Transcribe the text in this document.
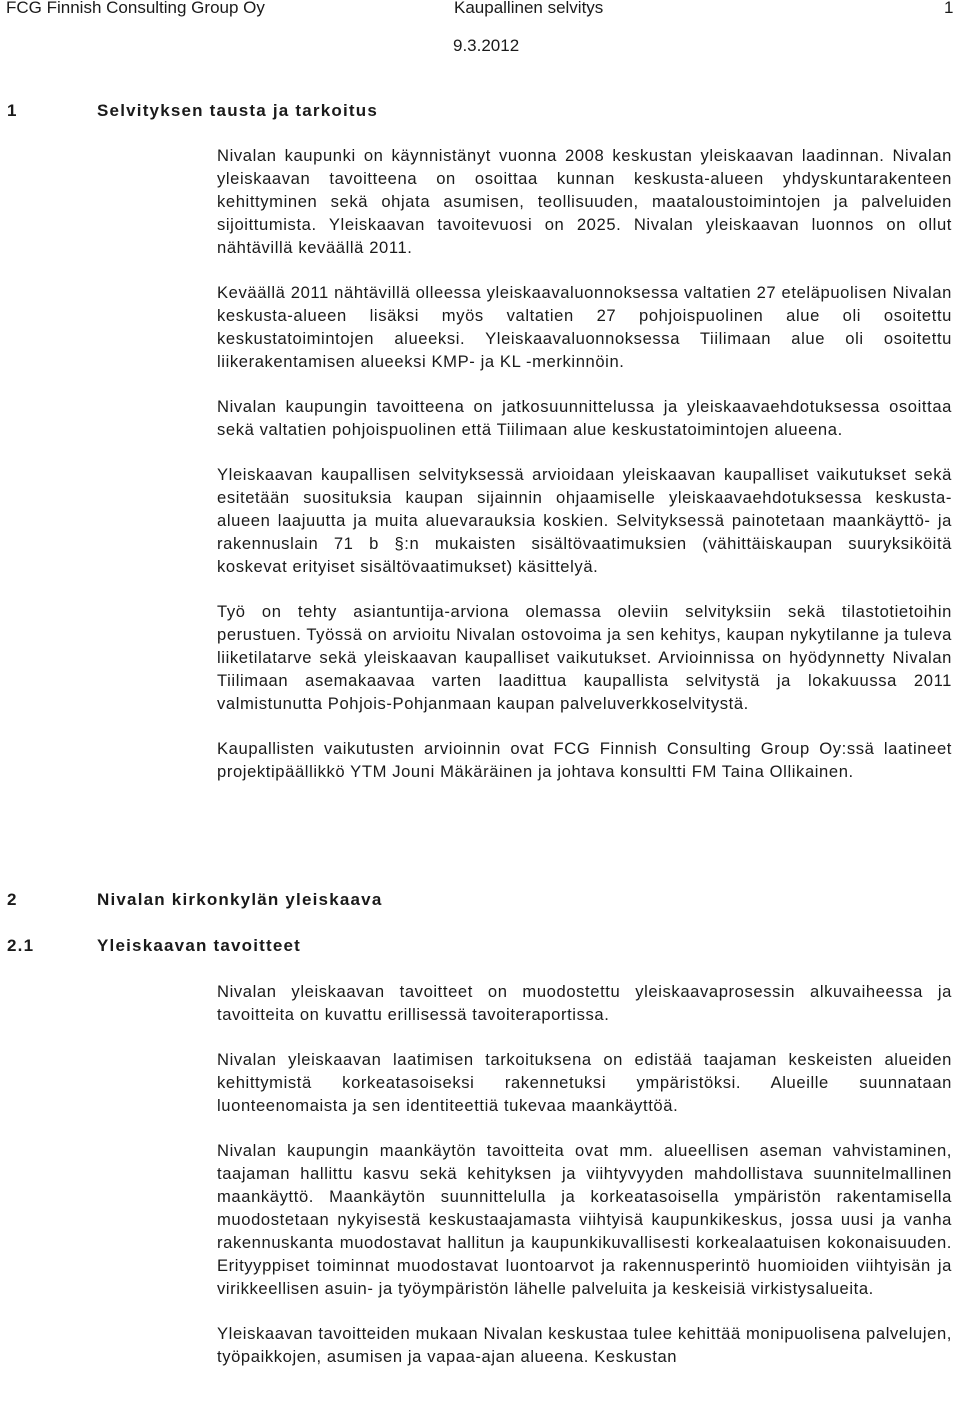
FCG Finnish Consulting Group Oy	Kaupallinen selvitys	1
9.3.2012
1	Selvityksen tausta ja tarkoitus

Nivalan kaupunki on käynnistänyt vuonna 2008 keskustan yleiskaavan laadinnan. Nivalan yleiskaavan tavoitteena on osoittaa kunnan keskusta-alueen yhdyskuntarakenteen kehittyminen sekä ohjata asumisen, teollisuuden, maataloustoimintojen ja palveluiden sijoittumista. Yleiskaavan tavoitevuosi on 2025. Nivalan yleiskaavan luonnos on ollut nähtävillä keväällä 2011.

Keväällä 2011 nähtävillä olleessa yleiskaavaluonnoksessa valtatien 27 eteläpuolisen Nivalan keskusta-alueen lisäksi myös valtatien 27 pohjoispuolinen alue oli osoitettu keskustatoimintojen alueeksi. Yleiskaavaluonnoksessa Tiilimaan alue oli osoitettu liikerakentamisen alueeksi KMP- ja KL -merkinnöin.

Nivalan kaupungin tavoitteena on jatkosuunnittelussa ja yleiskaavaehdotuksessa osoittaa sekä valtatien pohjoispuolinen että Tiilimaan alue keskustatoimintojen alueena.

Yleiskaavan kaupallisen selvityksessä arvioidaan yleiskaavan kaupalliset vaikutukset sekä esitetään suosituksia kaupan sijainnin ohjaamiselle yleiskaavaehdotuksessa keskusta-alueen laajuutta ja muita aluevarauksia koskien. Selvityksessä painotetaan maankäyttö- ja rakennuslain 71 b §:n mukaisten sisältövaatimuksien (vähittäiskaupan suuryksiköitä koskevat erityiset sisältövaatimukset) käsittelyä.

Työ on tehty asiantuntija-arviona olemassa oleviin selvityksiin sekä tilastotietoihin perustuen. Työssä on arvioitu Nivalan ostovoima ja sen kehitys, kaupan nykytilanne ja tuleva liiketilatarve sekä yleiskaavan kaupalliset vaikutukset. Arvioinnissa on hyödynnetty Nivalan Tiilimaan asemakaavaa varten laadittua kaupallista selvitystä ja lokakuussa 2011 valmistunutta Pohjois-Pohjanmaan kaupan palveluverkkoselvitystä.

Kaupallisten vaikutusten arvioinnin ovat FCG Finnish Consulting Group Oy:ssä laatineet projektipäällikkö YTM Jouni Mäkäräinen ja johtava konsultti FM Taina Ollikainen.

2	Nivalan kirkonkylän yleiskaava
2.1	Yleiskaavan tavoitteet

Nivalan yleiskaavan tavoitteet on muodostettu yleiskaavaprosessin alkuvaiheessa ja tavoitteita on kuvattu erillisessä tavoiteraportissa.

Nivalan yleiskaavan laatimisen tarkoituksena on edistää taajaman keskeisten alueiden kehittymistä korkeatasoiseksi rakennetuksi ympäristöksi. Alueille suunnataan luonteenomaista ja sen identiteettiä tukevaa maankäyttöä.

Nivalan kaupungin maankäytön tavoitteita ovat mm. alueellisen aseman vahvistaminen, taajaman hallittu kasvu sekä kehityksen ja viihtyvyyden mahdollistava suunnitelmallinen maankäyttö. Maankäytön suunnittelulla ja korkeatasoisella ympäristön rakentamisella muodostetaan nykyisestä keskustaajamasta viihtyisä kaupunkikeskus, jossa uusi ja vanha rakennuskanta muodostavat hallitun ja kaupunkikuvallisesti korkealaatuisen kokonaisuuden. Erityyppiset toiminnat muodostavat luontoarvot ja rakennusperintö huomioiden viihtyisän ja virikkeellisen asuin- ja työympäristön lähelle palveluita ja keskeisiä virkistysalueita.

Yleiskaavan tavoitteiden mukaan Nivalan keskustaa tulee kehittää monipuolisena palvelujen, työpaikkojen, asumisen ja vapaa-ajan alueena. Keskustan
